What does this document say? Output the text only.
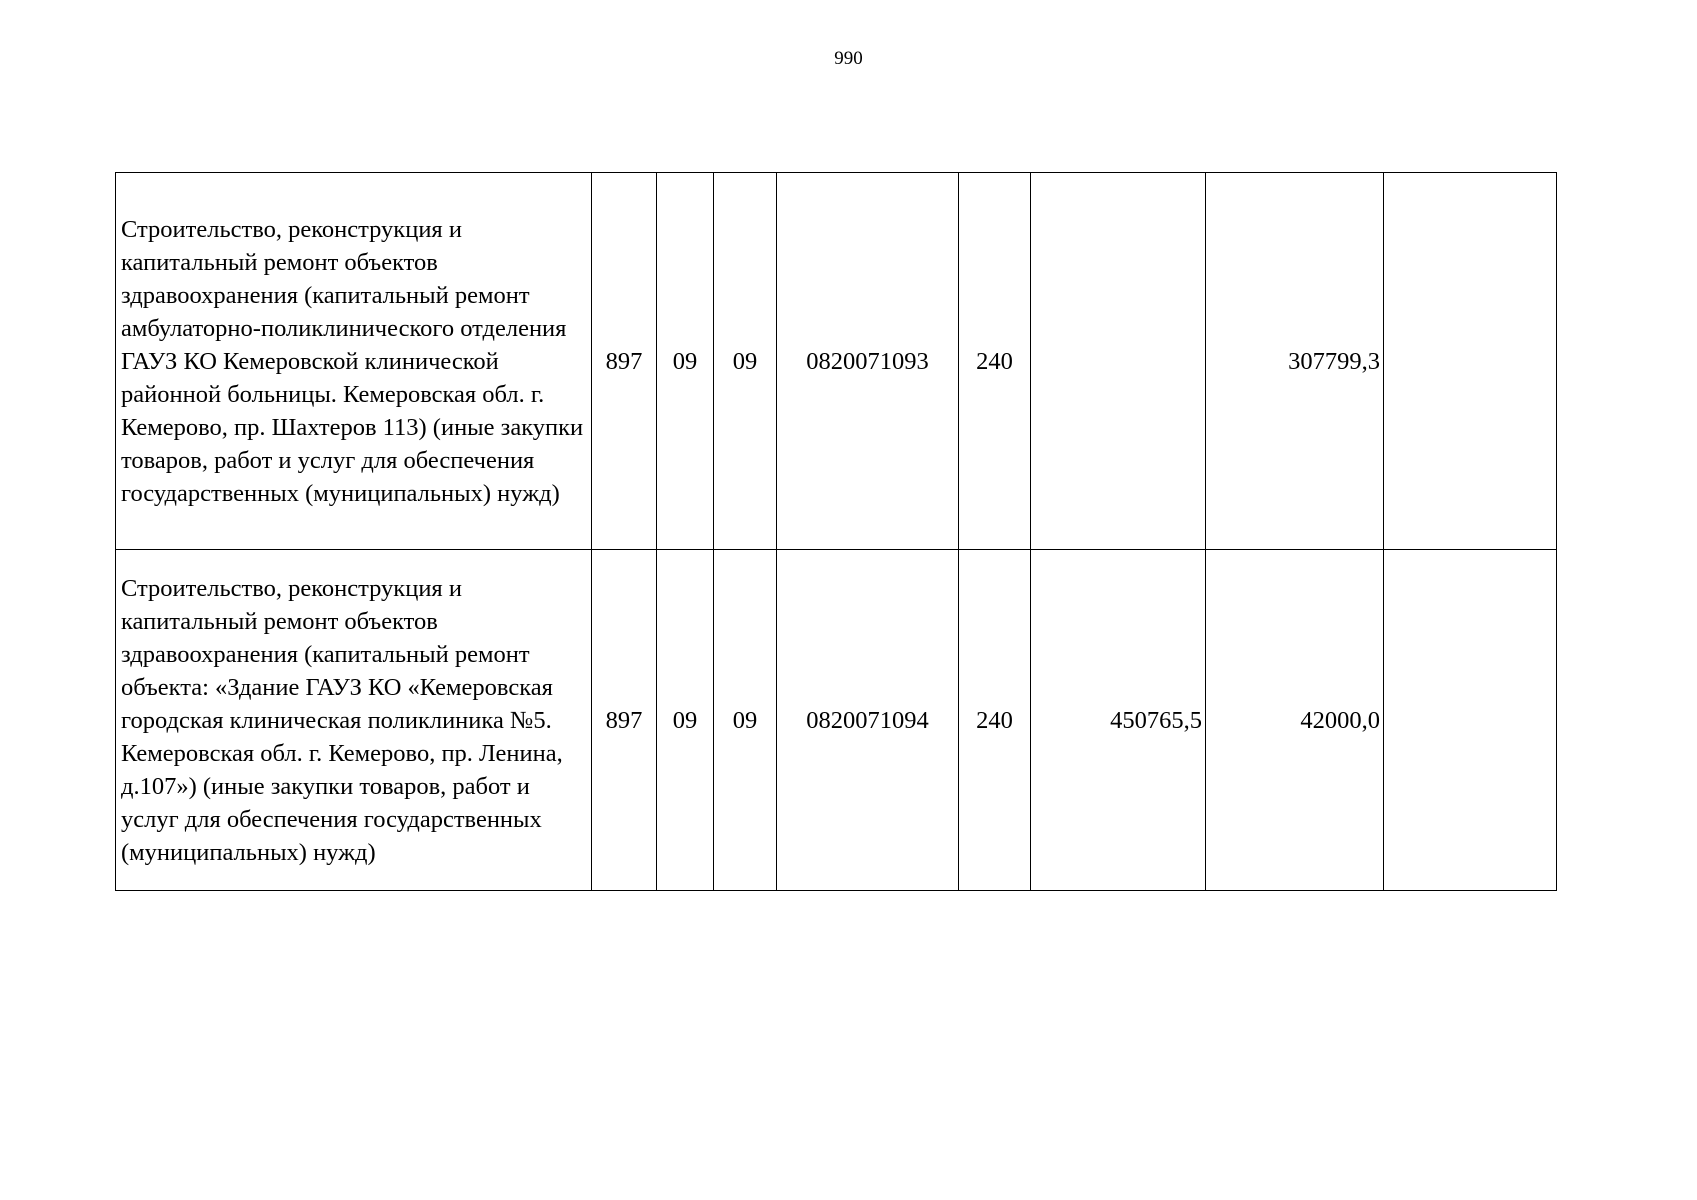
990
Строительство, реконструкция и капитальный ремонт объектов здравоохранения (капитальный ремонт амбулаторно-поликлинического отделения ГАУЗ КО Кемеровской клинической районной больницы. Кемеровская обл. г. Кемерово, пр. Шахтеров 113) (иные закупки товаров, работ и услуг для обеспечения государственных (муниципальных) нужд)	897	09	09	0820071093	240		307799,3	
Строительство, реконструкция и капитальный ремонт объектов здравоохранения (капитальный ремонт объекта: «Здание ГАУЗ КО «Кемеровская городская клиническая поликлиника №5. Кемеровская обл. г. Кемерово, пр. Ленина, д.107») (иные закупки товаров, работ и услуг для обеспечения государственных (муниципальных) нужд)	897	09	09	0820071094	240	450765,5	42000,0	
